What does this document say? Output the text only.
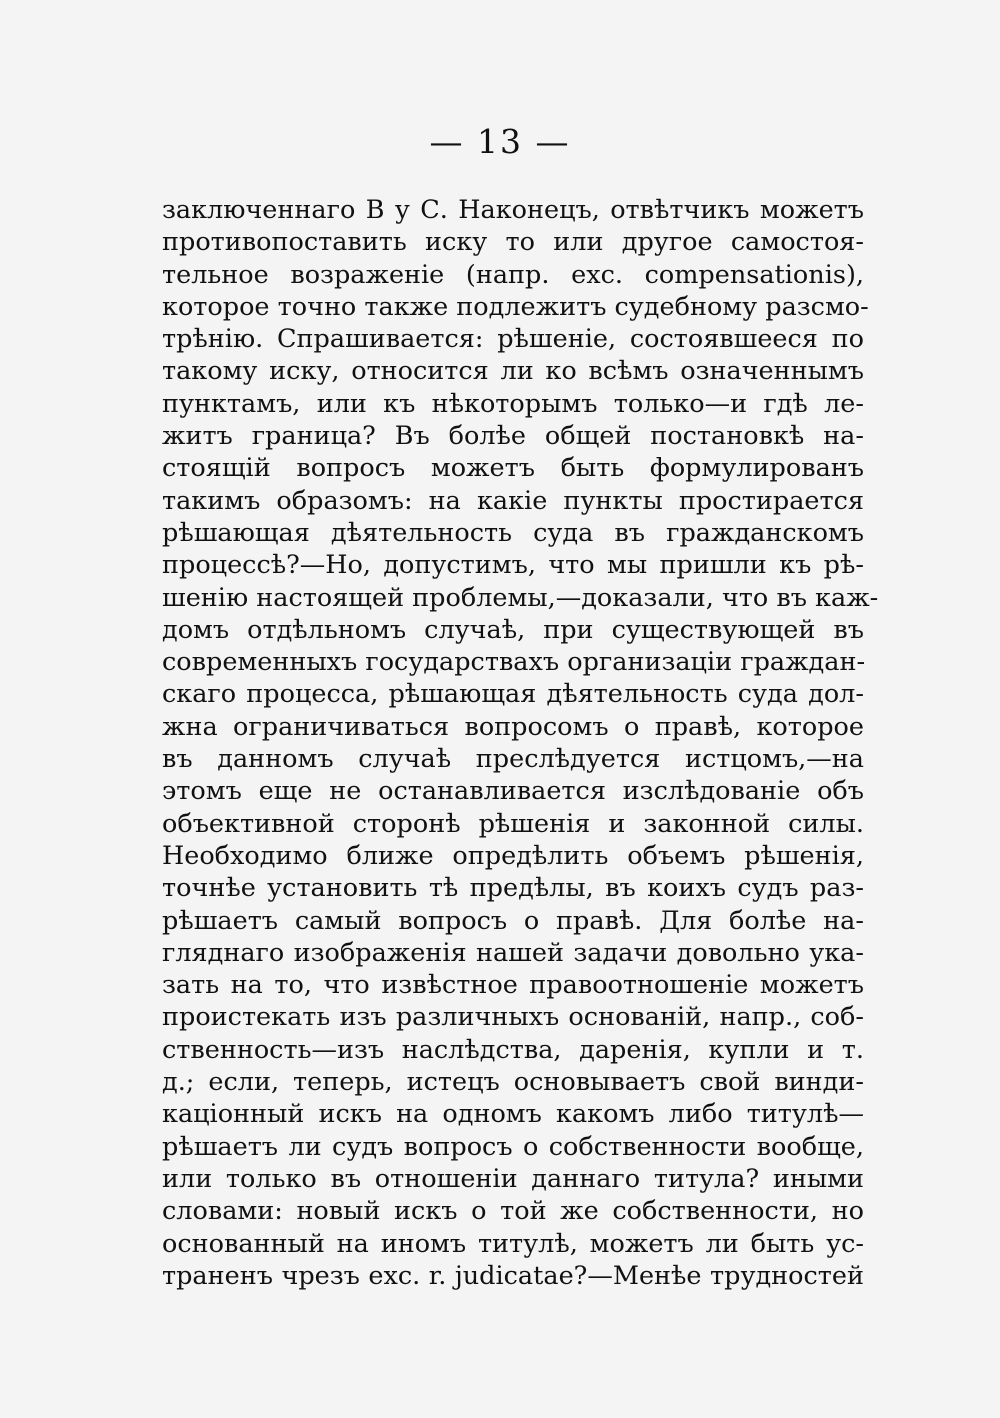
— 13 —
заключеннаго В у С. Наконецъ, отвѣтчикъ можетъ
противопоставить иску то или другое самостоя-
тельное возраженіе (напр. exc. compensationis),
которое точно также подлежитъ судебному разсмо-
трѣнію. Спрашивается: рѣшеніе, состоявшееся по
такому иску, относится ли ко всѣмъ означеннымъ
пунктамъ, или къ нѣкоторымъ только—и гдѣ ле-
житъ граница? Въ болѣе общей постановкѣ на-
стоящій вопросъ можетъ быть формулированъ
такимъ образомъ: на какіе пункты простирается
рѣшающая дѣятельность суда въ гражданскомъ
процессѣ?—Но, допустимъ, что мы пришли къ рѣ-
шенію настоящей проблемы,—доказали, что въ каж-
домъ отдѣльномъ случаѣ, при существующей въ
современныхъ государствахъ организаціи граждан-
скаго процесса, рѣшающая дѣятельность суда дол-
жна ограничиваться вопросомъ о правѣ, которое
въ данномъ случаѣ преслѣдуется истцомъ,—на
этомъ еще не останавливается изслѣдованіе объ
объективной сторонѣ рѣшенія и законной силы.
Необходимо ближе опредѣлить объемъ рѣшенія,
точнѣе установить тѣ предѣлы, въ коихъ судъ раз-
рѣшаетъ самый вопросъ о правѣ. Для болѣе на-
гляднаго изображенія нашей задачи довольно ука-
зать на то, что извѣстное правоотношеніе можетъ
проистекать изъ различныхъ основаній, напр., соб-
ственность—изъ наслѣдства, даренія, купли и т.
д.; если, теперь, истецъ основываетъ свой винди-
каціонный искъ на одномъ какомъ либо титулѣ—
рѣшаетъ ли судъ вопросъ о собственности вообще,
или только въ отношеніи даннаго титула? иными
словами: новый искъ о той же собственности, но
основанный на иномъ титулѣ, можетъ ли быть ус-
траненъ чрезъ exc. r. judicatae?—Менѣе трудностей
